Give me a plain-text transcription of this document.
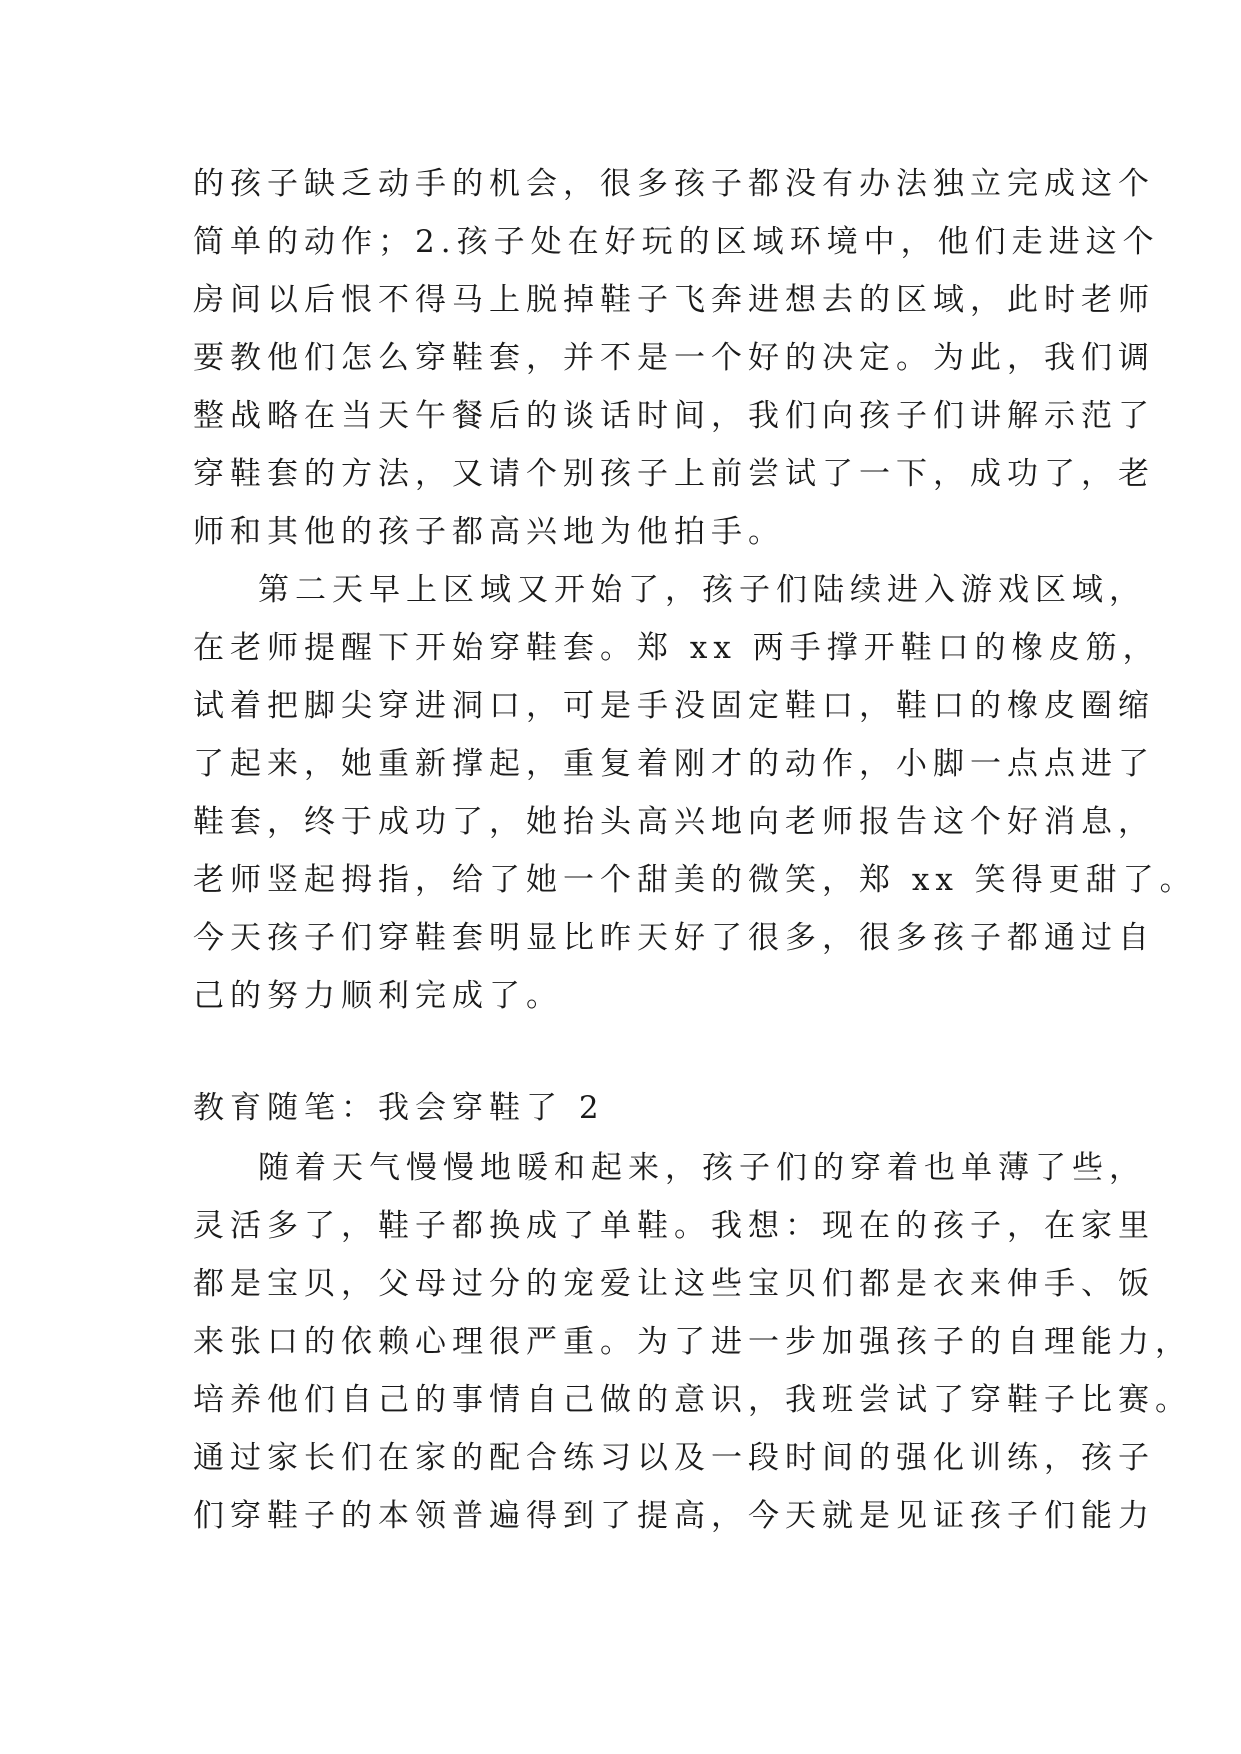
的孩子缺乏动手的机会，很多孩子都没有办法独立完成这个
简单的动作；2.孩子处在好玩的区域环境中，他们走进这个
房间以后恨不得马上脱掉鞋子飞奔进想去的区域，此时老师
要教他们怎么穿鞋套，并不是一个好的决定。为此，我们调
整战略在当天午餐后的谈话时间，我们向孩子们讲解示范了
穿鞋套的方法，又请个别孩子上前尝试了一下，成功了，老
师和其他的孩子都高兴地为他拍手。
第二天早上区域又开始了，孩子们陆续进入游戏区域，
在老师提醒下开始穿鞋套。郑 xx 两手撑开鞋口的橡皮筋，
试着把脚尖穿进洞口，可是手没固定鞋口，鞋口的橡皮圈缩
了起来，她重新撑起，重复着刚才的动作，小脚一点点进了
鞋套，终于成功了，她抬头高兴地向老师报告这个好消息，
老师竖起拇指，给了她一个甜美的微笑，郑 xx 笑得更甜了。
今天孩子们穿鞋套明显比昨天好了很多，很多孩子都通过自
己的努力顺利完成了。
教育随笔：我会穿鞋了 2
随着天气慢慢地暖和起来，孩子们的穿着也单薄了些，
灵活多了，鞋子都换成了单鞋。我想：现在的孩子，在家里
都是宝贝，父母过分的宠爱让这些宝贝们都是衣来伸手、饭
来张口的依赖心理很严重。为了进一步加强孩子的自理能力，
培养他们自己的事情自己做的意识，我班尝试了穿鞋子比赛。
通过家长们在家的配合练习以及一段时间的强化训练，孩子
们穿鞋子的本领普遍得到了提高，今天就是见证孩子们能力
